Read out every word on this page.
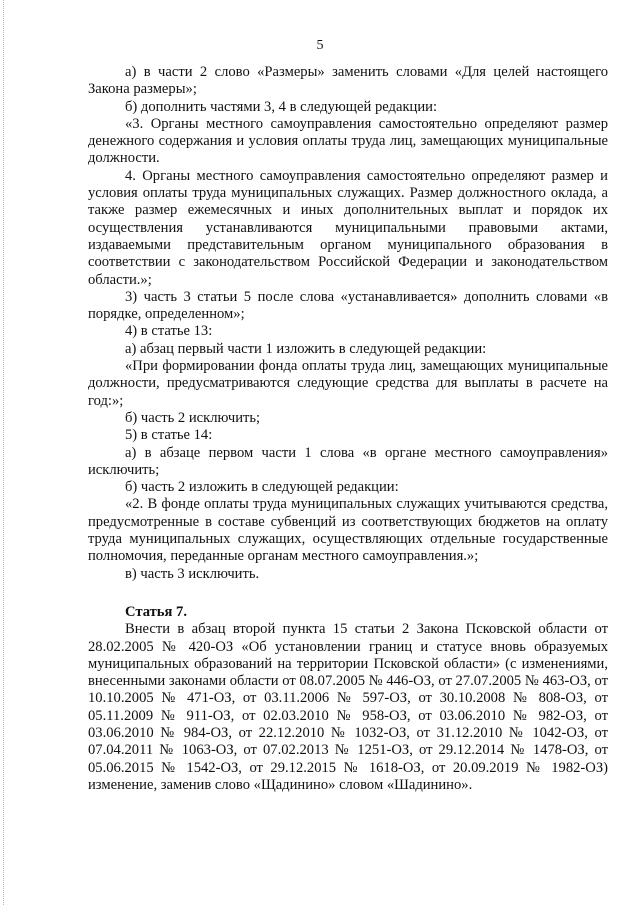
5

а) в части 2 слово «Размеры» заменить словами «Для целей настоящего Закона размеры»;

б) дополнить частями 3, 4 в следующей редакции:

«3. Органы местного самоуправления самостоятельно определяют размер денежного содержания и условия оплаты труда лиц, замещающих муниципальные должности.

4. Органы местного самоуправления самостоятельно определяют размер и условия оплаты труда муниципальных служащих. Размер должностного оклада, а также размер ежемесячных и иных дополнительных выплат и порядок их осуществления устанавливаются муниципальными правовыми актами, издаваемыми представительным органом муниципального образования в соответствии с законодательством Российской Федерации и законодательством области.»;

3) часть 3 статьи 5 после слова «устанавливается» дополнить словами «в порядке, определенном»;

4) в статье 13:

а) абзац первый части 1 изложить в следующей редакции:

«При формировании фонда оплаты труда лиц, замещающих муниципальные должности, предусматриваются следующие средства для выплаты в расчете на год:»;

б) часть 2 исключить;

5) в статье 14:

а) в абзаце первом части 1 слова «в органе местного самоуправления» исключить;

б) часть 2 изложить в следующей редакции:

«2. В фонде оплаты труда муниципальных служащих учитываются средства, предусмотренные в составе субвенций из соответствующих бюджетов на оплату труда муниципальных служащих, осуществляющих отдельные государственные полномочия, переданные органам местного самоуправления.»;

в) часть 3 исключить.

Статья 7.

Внести в абзац второй пункта 15 статьи 2 Закона Псковской области от 28.02.2005 № 420-ОЗ «Об установлении границ и статусе вновь образуемых муниципальных образований на территории Псковской области» (с изменениями, внесенными законами области от 08.07.2005 № 446-ОЗ, от 27.07.2005 № 463-ОЗ, от 10.10.2005 № 471-ОЗ, от 03.11.2006 № 597-ОЗ, от 30.10.2008 № 808-ОЗ, от 05.11.2009 № 911-ОЗ, от 02.03.2010 № 958-ОЗ, от 03.06.2010 № 982-ОЗ, от 03.06.2010 № 984-ОЗ, от 22.12.2010 № 1032-ОЗ, от 31.12.2010 № 1042-ОЗ, от 07.04.2011 № 1063-ОЗ, от 07.02.2013 № 1251-ОЗ, от 29.12.2014 № 1478-ОЗ, от 05.06.2015 № 1542-ОЗ, от 29.12.2015 № 1618-ОЗ, от 20.09.2019 № 1982-ОЗ) изменение, заменив слово «Щадинино» словом «Шадинино».
